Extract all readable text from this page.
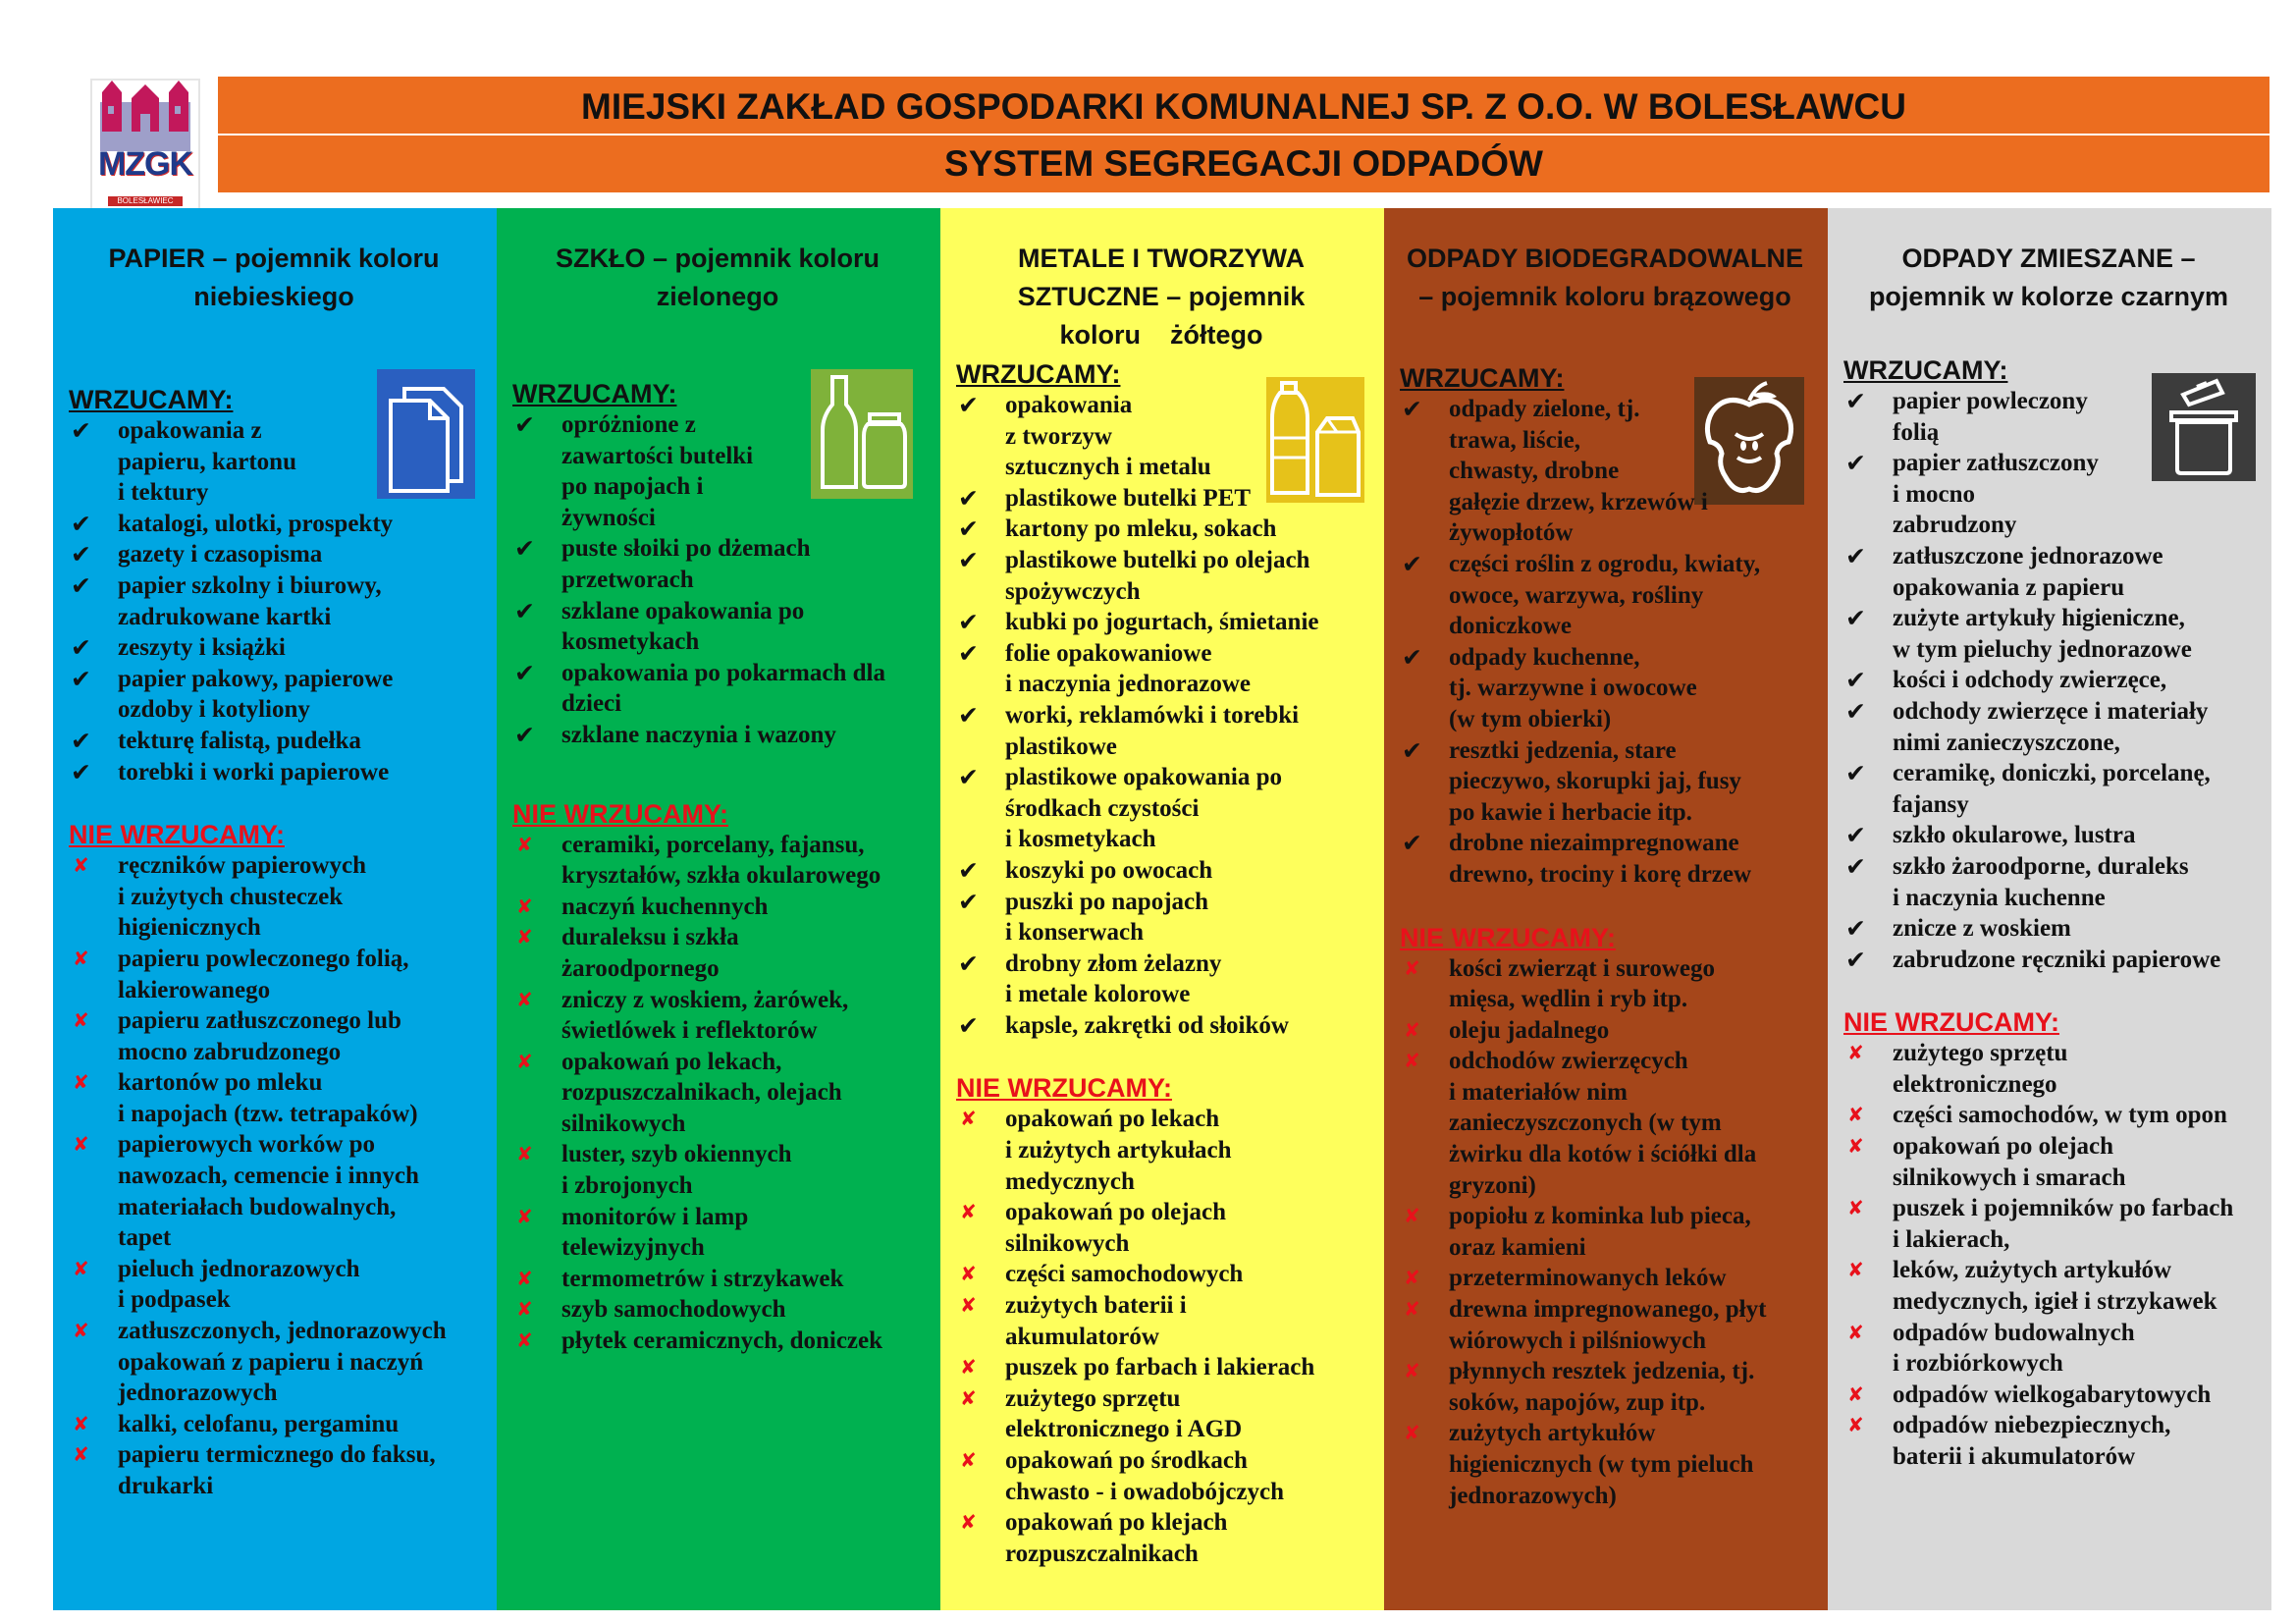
MZGK
BOLESŁAWIEC
MIEJSKI ZAKŁAD GOSPODARKI KOMUNALNEJ SP. Z O.O. W BOLESŁAWCU
SYSTEM SEGREGACJI ODPADÓW
PAPIER – pojemnik koloru niebieskiego

WRZUCAMY:

✔ opakowania z
papieru, kartonu
i tektury
✔ katalogi, ulotki, prospekty
✔ gazety i czasopisma
✔ papier szkolny i biurowy,
zadrukowane kartki
✔ zeszyty i książki
✔ papier pakowy, papierowe
ozdoby i kotyliony
✔ tekturę falistą, pudełka
✔ torebki i worki papierowe

NIE WRZUCAMY:

✘ ręczników papierowych
i zużytych chusteczek
higienicznych
✘ papieru powleczonego folią,
lakierowanego
✘ papieru zatłuszczonego lub
mocno zabrudzonego
✘ kartonów po mleku
i napojach (tzw. tetrapaków)
✘ papierowych worków po
nawozach, cemencie i innych
materiałach budowalnych,
tapet
✘ pieluch jednorazowych
i podpasek
✘ zatłuszczonych, jednorazowych
opakowań z papieru i naczyń
jednorazowych
✘ kalki, celofanu, pergaminu
✘ papieru termicznego do faksu,
drukarki
SZKŁO – pojemnik koloru zielonego

WRZUCAMY:

✔ opróżnione z
zawartości butelki
po napojach i
żywności
✔ puste słoiki po dżemach
przetworach
✔ szklane opakowania po
kosmetykach
✔ opakowania po pokarmach dla
dzieci
✔ szklane naczynia i wazony

NIE WRZUCAMY:

✘ ceramiki, porcelany, fajansu,
kryształów, szkła okularowego
✘ naczyń kuchennych
✘ duraleksu i szkła
żaroodpornego
✘ zniczy z woskiem, żarówek,
świetlówek i reflektorów
✘ opakowań po lekach,
rozpuszczalnikach, olejach
silnikowych
✘ luster, szyb okiennych
i zbrojonych
✘ monitorów i lamp
telewizyjnych
✘ termometrów i strzykawek
✘ szyb samochodowych
✘ płytek ceramicznych, doniczek
METALE I TWORZYWA SZTUCZNE – pojemnik koloru    żółtego

WRZUCAMY:

✔ opakowania
z tworzyw
sztucznych i metalu
✔ plastikowe butelki PET
✔ kartony po mleku, sokach
✔ plastikowe butelki po olejach
spożywczych
✔ kubki po jogurtach, śmietanie
✔ folie opakowaniowe
i naczynia jednorazowe
✔ worki, reklamówki i torebki
plastikowe
✔ plastikowe opakowania po
środkach czystości
i kosmetykach
✔ koszyki po owocach
✔ puszki po napojach
i konserwach
✔ drobny złom żelazny
i metale kolorowe
✔ kapsle, zakrętki od słoików

NIE WRZUCAMY:

✘ opakowań po lekach
i zużytych artykułach
medycznych
✘ opakowań po olejach
silnikowych
✘ części samochodowych
✘ zużytych baterii i
akumulatorów
✘ puszek po farbach i lakierach
✘ zużytego sprzętu
elektronicznego i AGD
✘ opakowań po środkach
chwasto - i owadobójczych
✘ opakowań po klejach
rozpuszczalnikach
ODPADY BIODEGRADOWALNE – pojemnik koloru brązowego

WRZUCAMY:

✔ odpady zielone, tj.
trawa, liście,
chwasty, drobne
gałęzie drzew, krzewów i
żywopłotów
✔ części roślin z ogrodu, kwiaty,
owoce, warzywa, rośliny
doniczkowe
✔ odpady kuchenne,
tj. warzywne i owocowe
(w tym obierki)
✔ resztki jedzenia, stare
pieczywo, skorupki jaj, fusy
po kawie i herbacie itp.
✔ drobne niezaimpregnowane
drewno, trociny i korę drzew

NIE WRZUCAMY:

✘ kości zwierząt i surowego
mięsa, wędlin i ryb itp.
✘ oleju jadalnego
✘ odchodów zwierzęcych
i materiałów nim
zanieczyszczonych (w tym
żwirku dla kotów i ściółki dla
gryzoni)
✘ popiołu z kominka lub pieca,
oraz kamieni
✘ przeterminowanych leków
✘ drewna impregnowanego, płyt
wiórowych i pilśniowych
✘ płynnych resztek jedzenia, tj.
soków, napojów, zup itp.
✘ zużytych artykułów
higienicznych (w tym pieluch
jednorazowych)
ODPADY ZMIESZANE – pojemnik w kolorze czarnym

WRZUCAMY:

✔ papier powleczony
folią
✔ papier zatłuszczony
i mocno
zabrudzony
✔ zatłuszczone jednorazowe
opakowania z papieru
✔ zużyte artykuły higieniczne,
w tym pieluchy jednorazowe
✔ kości i odchody zwierzęce,
✔ odchody zwierzęce i materiały
nimi zanieczyszczone,
✔ ceramikę, doniczki, porcelanę,
fajansy
✔ szkło okularowe, lustra
✔ szkło żaroodporne, duraleks
i naczynia kuchenne
✔ znicze z woskiem
✔ zabrudzone ręczniki papierowe

NIE WRZUCAMY:

✘ zużytego sprzętu
elektronicznego
✘ części samochodów, w tym opon
✘ opakowań po olejach
silnikowych i smarach
✘ puszek i pojemników po farbach
i lakierach,
✘ leków, zużytych artykułów
medycznych, igieł i strzykawek
✘ odpadów budowalnych
i rozbiórkowych
✘ odpadów wielkogabarytowych
✘ odpadów niebezpiecznych,
baterii i akumulatorów
